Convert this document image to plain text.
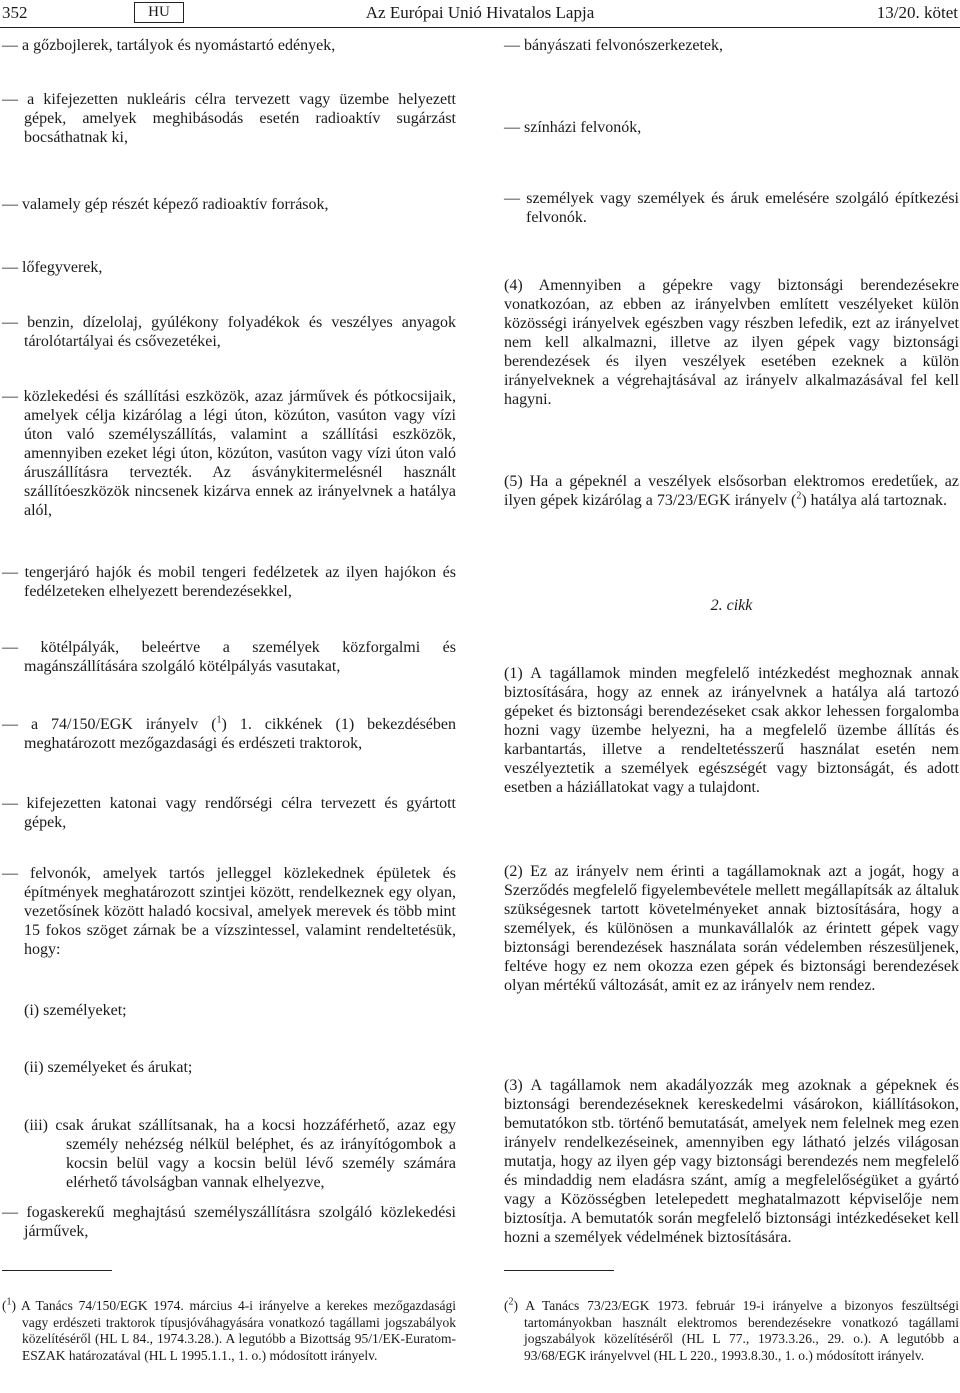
352	HU	Az Európai Unió Hivatalos Lapja	13/20. kötet

— a gőzbojlerek, tartályok és nyomástartó edények,

— a kifejezetten nukleáris célra tervezett vagy üzembe helyezett gépek, amelyek meghibásodás esetén radioaktív sugárzást bocsáthatnak ki,

— valamely gép részét képező radioaktív források,

— lőfegyverek,

— benzin, dízelolaj, gyúlékony folyadékok és veszélyes anyagok tárolótartályai és csővezetékei,

— közlekedési és szállítási eszközök, azaz járművek és pótkocsijaik, amelyek célja kizárólag a légi úton, közúton, vasúton vagy vízi úton való személyszállítás, valamint a szállítási eszközök, amennyiben ezeket légi úton, közúton, vasúton vagy vízi úton való áruszállításra tervezték. Az ásványkitermelésnél használt szállítóeszközök nincsenek kizárva ennek az irányelvnek a hatálya alól,

— tengerjáró hajók és mobil tengeri fedélzetek az ilyen hajókon és fedélzeteken elhelyezett berendezésekkel,

— kötélpályák, beleértve a személyek közforgalmi és magánszállítására szolgáló kötélpályás vasutakat,

— a 74/150/EGK irányelv ($^1$) 1. cikkének (1) bekezdésében meghatározott mezőgazdasági és erdészeti traktorok,

— kifejezetten katonai vagy rendőrségi célra tervezett és gyártott gépek,

— felvonók, amelyek tartós jelleggel közlekednek épületek és építmények meghatározott szintjei között, rendelkeznek egy olyan, vezetősínek között haladó kocsival, amelyek merevek és több mint 15 fokos szöget zárnak be a vízszintessel, valamint rendeltetésük, hogy:

(i) személyeket;

(ii) személyeket és árukat;

(iii) csak árukat szállítsanak, ha a kocsi hozzáférhető, azaz egy személy nehézség nélkül beléphet, és az irányítógombok a kocsin belül vagy a kocsin belül lévő személy számára elérhető távolságban vannak elhelyezve,

— fogaskerekű meghajtású személyszállításra szolgáló közlekedési járművek,

($^1$) A Tanács 74/150/EGK 1974. március 4-i irányelve a kerekes mezőgazdasági vagy erdészeti traktorok típusjóváhagyására vonatkozó tagállami jogszabályok közelítéséről (HL L 84., 1974.3.28.). A legutóbb a Bizottság 95/1/EK-Euratom-ESZAK határozatával (HL L 1995.1.1., 1. o.) módosított irányelv.

— bányászati felvonószerkezetek,

— színházi felvonók,

— személyek vagy személyek és áruk emelésére szolgáló építkezési felvonók.

(4) Amennyiben a gépekre vagy biztonsági berendezésekre vonatkozóan, az ebben az irányelvben említett veszélyeket külön közösségi irányelvek egészben vagy részben lefedik, ezt az irányelvet nem kell alkalmazni, illetve az ilyen gépek vagy biztonsági berendezések és ilyen veszélyek esetében ezeknek a külön irányelveknek a végrehajtásával az irányelv alkalmazásával fel kell hagyni.

(5) Ha a gépeknél a veszélyek elsősorban elektromos eredetűek, az ilyen gépek kizárólag a 73/23/EGK irányelv ($^2$) hatálya alá tartoznak.

2. cikk

(1) A tagállamok minden megfelelő intézkedést meghoznak annak biztosítására, hogy az ennek az irányelvnek a hatálya alá tartozó gépeket és biztonsági berendezéseket csak akkor lehessen forgalomba hozni vagy üzembe helyezni, ha a megfelelő üzembe állítás és karbantartás, illetve a rendeltetésszerű használat esetén nem veszélyeztetik a személyek egészségét vagy biztonságát, és adott esetben a háziállatokat vagy a tulajdont.

(2) Ez az irányelv nem érinti a tagállamoknak azt a jogát, hogy a Szerződés megfelelő figyelembevétele mellett megállapítsák az általuk szükségesnek tartott követelményeket annak biztosítására, hogy a személyek, és különösen a munkavállalók az érintett gépek vagy biztonsági berendezések használata során védelemben részesüljenek, feltéve hogy ez nem okozza ezen gépek és biztonsági berendezések olyan mértékű változását, amit ez az irányelv nem rendez.

(3) A tagállamok nem akadályozzák meg azoknak a gépeknek és biztonsági berendezéseknek kereskedelmi vásárokon, kiállításokon, bemutatókon stb. történő bemutatását, amelyek nem felelnek meg ezen irányelv rendelkezéseinek, amennyiben egy látható jelzés világosan mutatja, hogy az ilyen gép vagy biztonsági berendezés nem megfelelő és mindaddig nem eladásra szánt, amíg a megfelelőségüket a gyártó vagy a Közösségben letelepedett meghatalmazott képviselője nem biztosítja. A bemutatók során megfelelő biztonsági intézkedéseket kell hozni a személyek védelmének biztosítására.

($^2$) A Tanács 73/23/EGK 1973. február 19-i irányelve a bizonyos feszültségi tartományokban használt elektromos berendezésekre vonatkozó tagállami jogszabályok közelítéséről (HL L 77., 1973.3.26., 29. o.). A legutóbb a 93/68/EGK irányelvvel (HL L 220., 1993.8.30., 1. o.) módosított irányelv.
